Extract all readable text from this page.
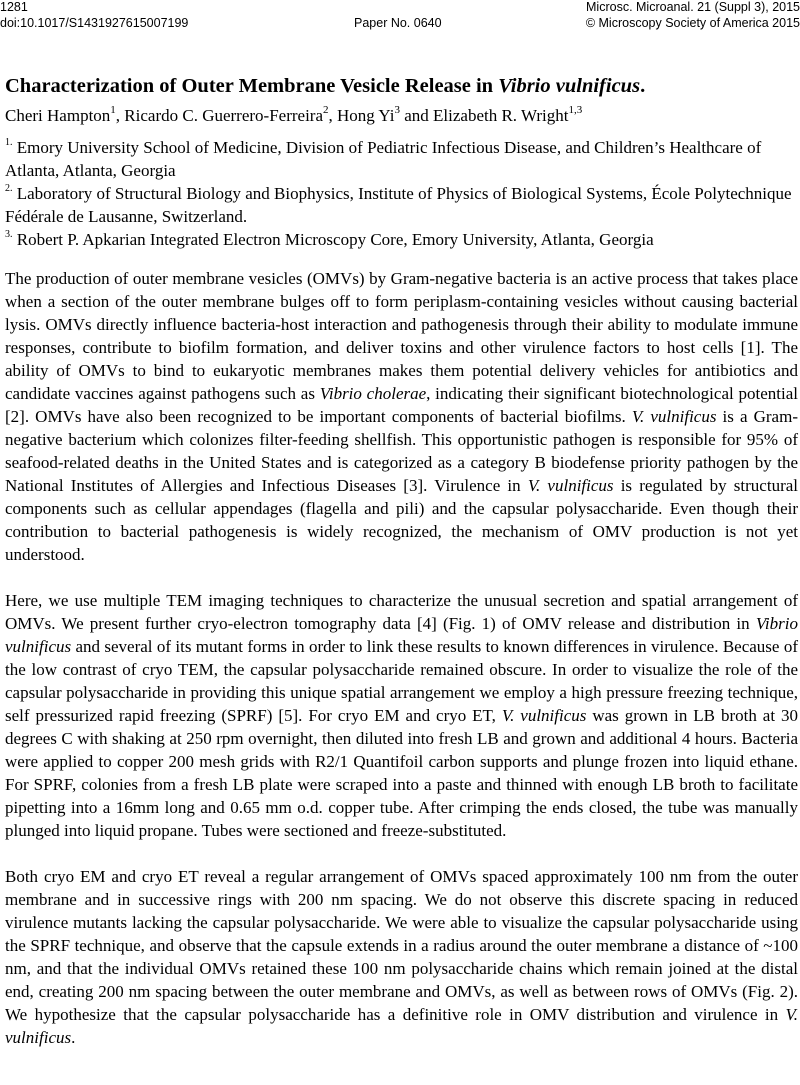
1281
doi:10.1017/S1431927615007199	Paper No. 0640
Microsc. Microanal. 21 (Suppl 3), 2015
© Microscopy Society of America 2015
Characterization of Outer Membrane Vesicle Release in Vibrio vulnificus.
Cheri Hampton$^1$, Ricardo C. Guerrero-Ferreira$^2$, Hong Yi$^3$ and Elizabeth R. Wright$^{1,3}$

$^{1.}$ Emory University School of Medicine, Division of Pediatric Infectious Disease, and Children’s Healthcare of Atlanta, Atlanta, Georgia

$^{2.}$ Laboratory of Structural Biology and Biophysics, Institute of Physics of Biological Systems, École Polytechnique Fédérale de Lausanne, Switzerland.

$^{3.}$ Robert P. Apkarian Integrated Electron Microscopy Core, Emory University, Atlanta, Georgia

The production of outer membrane vesicles (OMVs) by Gram-negative bacteria is an active process that takes place when a section of the outer membrane bulges off to form periplasm-containing vesicles without causing bacterial lysis. OMVs directly influence bacteria-host interaction and pathogenesis through their ability to modulate immune responses, contribute to biofilm formation, and deliver toxins and other virulence factors to host cells [1]. The ability of OMVs to bind to eukaryotic membranes makes them potential delivery vehicles for antibiotics and candidate vaccines against pathogens such as Vibrio cholerae, indicating their significant biotechnological potential [2]. OMVs have also been recognized to be important components of bacterial biofilms. V. vulnificus is a Gram-negative bacterium which colonizes filter-feeding shellfish. This opportunistic pathogen is responsible for 95% of seafood-related deaths in the United States and is categorized as a category B biodefense priority pathogen by the National Institutes of Allergies and Infectious Diseases [3]. Virulence in V. vulnificus is regulated by structural components such as cellular appendages (flagella and pili) and the capsular polysaccharide. Even though their contribution to bacterial pathogenesis is widely recognized, the mechanism of OMV production is not yet understood.

Here, we use multiple TEM imaging techniques to characterize the unusual secretion and spatial arrangement of OMVs. We present further cryo-electron tomography data [4] (Fig. 1) of OMV release and distribution in Vibrio vulnificus and several of its mutant forms in order to link these results to known differences in virulence. Because of the low contrast of cryo TEM, the capsular polysaccharide remained obscure. In order to visualize the role of the capsular polysaccharide in providing this unique spatial arrangement we employ a high pressure freezing technique, self pressurized rapid freezing (SPRF) [5]. For cryo EM and cryo ET, V. vulnificus was grown in LB broth at 30 degrees C with shaking at 250 rpm overnight, then diluted into fresh LB and grown and additional 4 hours. Bacteria were applied to copper 200 mesh grids with R2/1 Quantifoil carbon supports and plunge frozen into liquid ethane. For SPRF, colonies from a fresh LB plate were scraped into a paste and thinned with enough LB broth to facilitate pipetting into a 16mm long and 0.65 mm o.d. copper tube. After crimping the ends closed, the tube was manually plunged into liquid propane. Tubes were sectioned and freeze-substituted.

Both cryo EM and cryo ET reveal a regular arrangement of OMVs spaced approximately 100 nm from the outer membrane and in successive rings with 200 nm spacing. We do not observe this discrete spacing in reduced virulence mutants lacking the capsular polysaccharide. We were able to visualize the capsular polysaccharide using the SPRF technique, and observe that the capsule extends in a radius around the outer membrane a distance of ~100 nm, and that the individual OMVs retained these 100 nm polysaccharide chains which remain joined at the distal end, creating 200 nm spacing between the outer membrane and OMVs, as well as between rows of OMVs (Fig. 2). We hypothesize that the capsular polysaccharide has a definitive role in OMV distribution and virulence in V. vulnificus.
